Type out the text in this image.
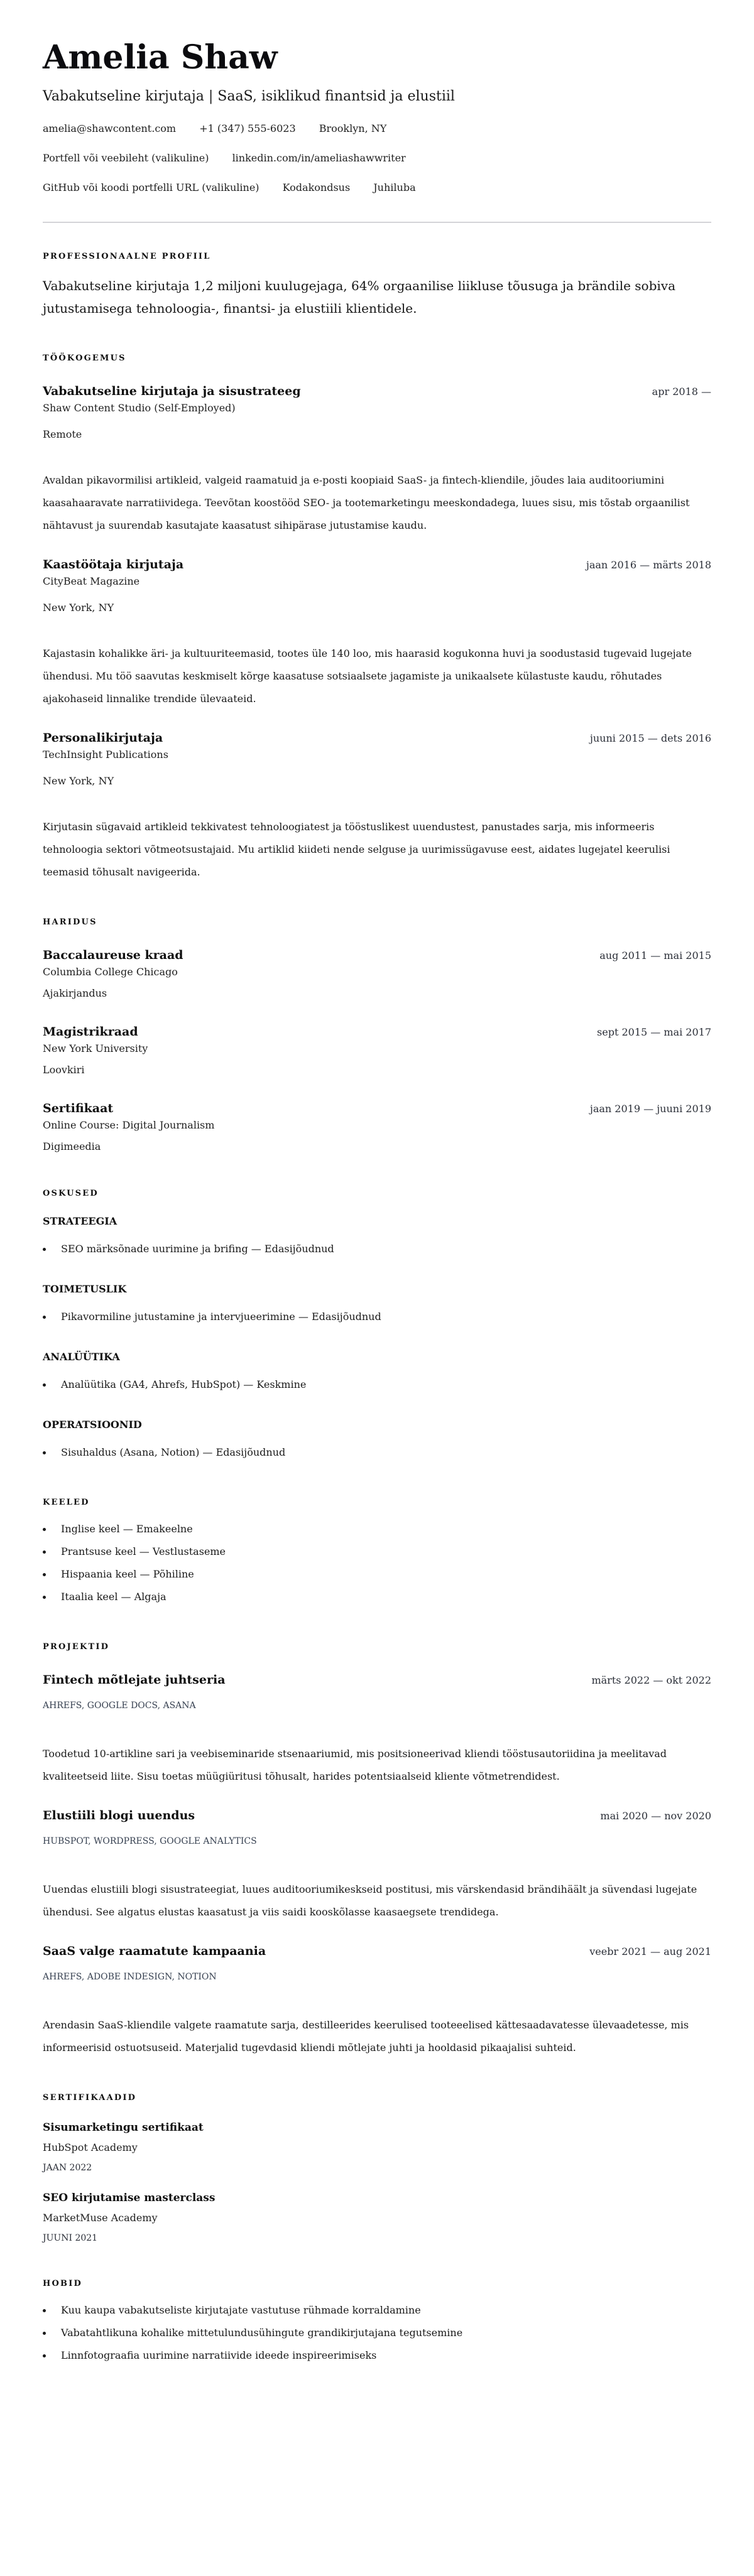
Amelia Shaw
Vabakutseline kirjutaja | SaaS, isiklikud finantsid ja elustiil
amelia@shawcontent.com +1 (347) 555-6023 Brooklyn, NY
Portfell või veebileht (valikuline) linkedin.com/in/ameliashawwriter
GitHub või koodi portfelli URL (valikuline) Kodakondsus Juhiluba
PROFESSIONAALNE PROFIIL

Vabakutseline kirjutaja 1,2 miljoni kuulugejaga, 64% orgaanilise liikluse tõusuga ja brändile sobiva jutustamisega tehnoloogia-, finantsi- ja elustiili klientidele.

TÖÖKOGEMUS
Vabakutseline kirjutaja ja sisustrateeg	apr 2018 —
Shaw Content Studio (Self-Employed)
Remote

Avaldan pikavormilisi artikleid, valgeid raamatuid ja e-posti koopiaid SaaS- ja fintech-kliendile, jõudes laia auditooriumini kaasahaaravate narratiividega. Teevõtan koostööd SEO- ja tootemarketingu meeskondadega, luues sisu, mis tõstab orgaanilist nähtavust ja suurendab kasutajate kaasatust sihipärase jutustamise kaudu.

Kaastöötaja kirjutaja	jaan 2016 — märts 2018
CityBeat Magazine
New York, NY

Kajastasin kohalikke äri- ja kultuuriteemasid, tootes üle 140 loo, mis haarasid kogukonna huvi ja soodustasid tugevaid lugejate ühendusi. Mu töö saavutas keskmiselt kõrge kaasatuse sotsiaalsete jagamiste ja unikaalsete külastuste kaudu, rõhutades ajakohaseid linnalike trendide ülevaateid.

Personalikirjutaja	juuni 2015 — dets 2016
TechInsight Publications
New York, NY

Kirjutasin sügavaid artikleid tekkivatest tehnoloogiatest ja tööstuslikest uuendustest, panustades sarja, mis informeeris tehnoloogia sektori võtmeotsustajaid. Mu artiklid kiideti nende selguse ja uurimissügavuse eest, aidates lugejatel keerulisi teemasid tõhusalt navigeerida.

HARIDUS
Baccalaureuse kraad	aug 2011 — mai 2015
Columbia College Chicago
Ajakirjandus
Magistrikraad	sept 2015 — mai 2017
New York University
Loovkiri
Sertifikaat	jaan 2019 — juuni 2019
Online Course: Digital Journalism
Digimeedia
OSKUSED
STRATEEGIA
SEO märksõnade uurimine ja brifing — Edasijõudnud
TOIMETUSLIK
Pikavormiline jutustamine ja intervjueerimine — Edasijõudnud
ANALÜÜTIKA
Analüütika (GA4, Ahrefs, HubSpot) — Keskmine
OPERATSIOONID
Sisuhaldus (Asana, Notion) — Edasijõudnud
KEELED
Inglise keel — Emakeelne
Prantsuse keel — Vestlustaseme
Hispaania keel — Põhiline
Itaalia keel — Algaja
PROJEKTID
Fintech mõtlejate juhtseria	märts 2022 — okt 2022
AHREFS, GOOGLE DOCS, ASANA

Toodetud 10-artikline sari ja veebiseminaride stsenaariumid, mis positsioneerivad kliendi tööstusautoriidina ja meelitavad kvaliteetseid liite. Sisu toetas müügiüritusi tõhusalt, harides potentsiaalseid kliente võtmetrendidest.

Elustiili blogi uuendus	mai 2020 — nov 2020
HUBSPOT, WORDPRESS, GOOGLE ANALYTICS

Uuendas elustiili blogi sisustrateegiat, luues auditooriumikeskseid postitusi, mis värskendasid brändihäält ja süvendasi lugejate ühendusi. See algatus elustas kaasatust ja viis saidi kooskõlasse kaasaegsete trendidega.

SaaS valge raamatute kampaania	veebr 2021 — aug 2021
AHREFS, ADOBE INDESIGN, NOTION

Arendasin SaaS-kliendile valgete raamatute sarja, destilleerides keerulised tooteeelised kättesaadavatesse ülevaadetesse, mis informeerisid ostuotsuseid. Materjalid tugevdasid kliendi mõtlejate juhti ja hooldasid pikaajalisi suhteid.

SERTIFIKAADID
Sisumarketingu sertifikaat
HubSpot Academy
JAAN 2022
SEO kirjutamise masterclass
MarketMuse Academy
JUUNI 2021
HOBID
Kuu kaupa vabakutseliste kirjutajate vastutuse rühmade korraldamine
Vabatahtlikuna kohalike mittetulundusühingute grandikirjutajana tegutsemine
Linnfotograafia uurimine narratiivide ideede inspireerimiseks
